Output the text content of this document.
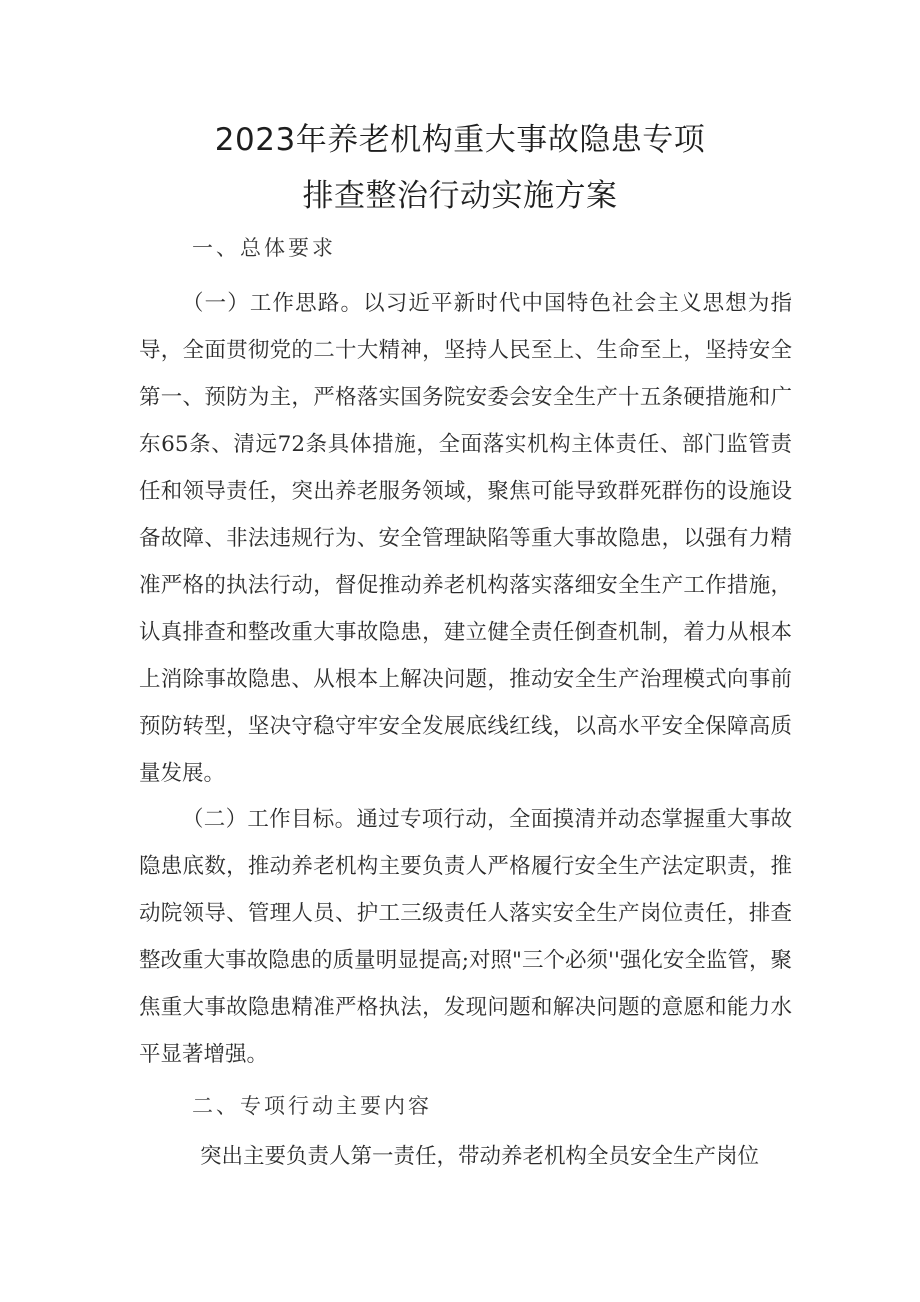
2023年养老机构重大事故隐患专项
排查整治行动实施方案
一、总体要求

（一）工作思路。以习近平新时代中国特色社会主义思想为指导，全面贯彻党的二十大精神，坚持人民至上、生命至上，坚持安全第一、预防为主，严格落实国务院安委会安全生产十五条硬措施和广东65条、清远72条具体措施，全面落实机构主体责任、部门监管责任和领导责任，突出养老服务领域，聚焦可能导致群死群伤的设施设备故障、非法违规行为、安全管理缺陷等重大事故隐患，以强有力精准严格的执法行动，督促推动养老机构落实落细安全生产工作措施，认真排查和整改重大事故隐患，建立健全责任倒查机制，着力从根本上消除事故隐患、从根本上解决问题，推动安全生产治理模式向事前预防转型，坚决守稳守牢安全发展底线红线，以高水平安全保障高质量发展。

（二）工作目标。通过专项行动，全面摸清并动态掌握重大事故隐患底数，推动养老机构主要负责人严格履行安全生产法定职责，推动院领导、管理人员、护工三级责任人落实安全生产岗位责任，排查整改重大事故隐患的质量明显提高;对照"三个必须''强化安全监管，聚焦重大事故隐患精准严格执法，发现问题和解决问题的意愿和能力水平显著增强。

二、专项行动主要内容

突出主要负责人第一责任，带动养老机构全员安全生产岗位
